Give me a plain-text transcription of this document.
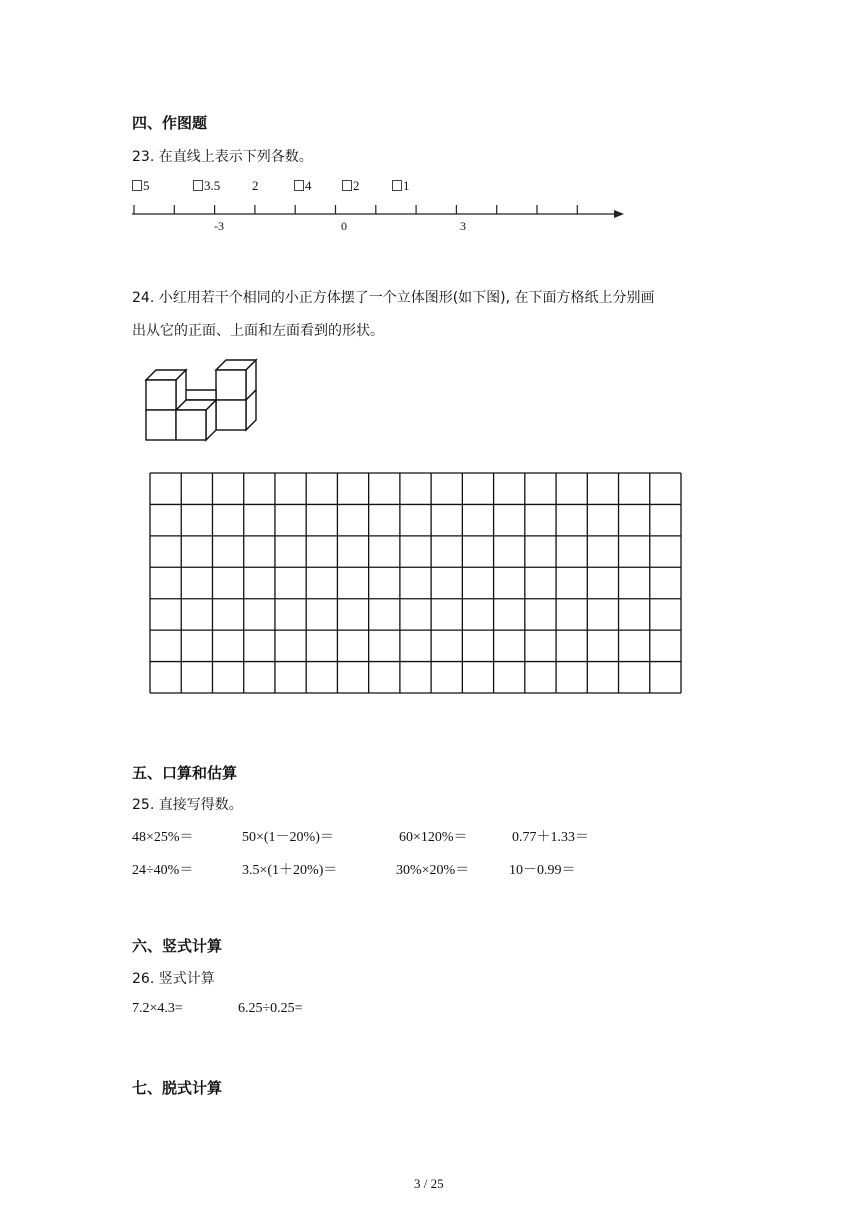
四、作图题
23. 在直线上表示下列各数。
5	3.5 2	4	2	1
-3	0	3
24. 小红用若干个相同的小正方体摆了一个立体图形(如下图), 在下面方格纸上分别画
出从它的正面、上面和左面看到的形状。
五、口算和估算
25. 直接写得数。
48×25%＝	50×(1－20%)＝	60×120%＝	0.77＋1.33＝
24÷40%＝	3.5×(1＋20%)＝	30%×20%＝	10－0.99＝
六、竖式计算
26. 竖式计算
7.2×4.3=	6.25÷0.25=
七、脱式计算
3 / 25
